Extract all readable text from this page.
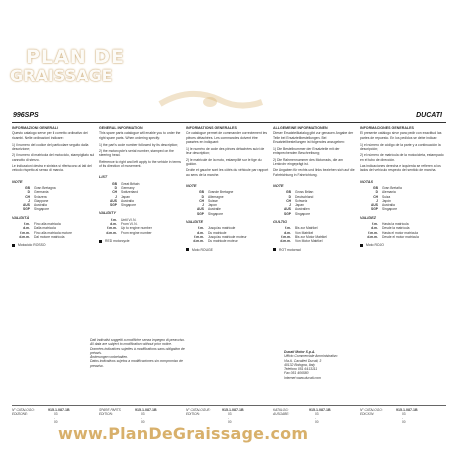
PLAN DE
GRAISSAGE
996SPS	DUCATI
INFORMAZIONI GENERALI
Questo catalogo serve per il corretto ordinativo dei ricambi. Nelle ordinazioni indicare:
1) il numero del codice del particolare seguito dalla descrizione;
2) il numero di matricola del motociclo, stampigliato sul cannotto di sterzo.
Le indicazioni destra e sinistra si riferiscono ai lati del veicolo rispetto al senso di marcia.
NOTE
GB	Gran Bretagna
D	Germania
CH	Svizzera
J	Giappone
AUS	Australia
SGP	Singapore
VALIDITÀ
f.m.	Fino alla matricola
d.m.	Dalla matricola
f.m.m.	Fino alla matricola motore
d.m.m.	Dal motore matricola
Motociclo ROSSO
GENERAL INFORMATION
This spare parts catalogue will enable you to order the right spare parts. When ordering specify:
1) the part's code number followed by its description;
2) the motorcycle's serial number, stamped on the steering head.
Reference to right and left apply to the vehicle in terms of its direction of movement.
LIST
GB	Great Britain
D	Germany
CH	Switzerland
J	Japan
AUS	Australia
SGP	Singapore
VALIDITY
f.m.	Until V.I.N.
d.m.	From V.I.N.
f.m.m.	Up to engine number
d.m.m.	From engine number
RED motorcycle
INFORMATIONS GENERALES
Ce catalogue permet de commander correctement les pièces détachées. Les commandes doivent être passées en indiquant:
1) le numéro de code des pièces détachées suivi de leur description;
2) le matricule de la moto, estampillé sur le tige du guidon.
Droite et gauche sont les côtés du véhicule par rapport au sens de la marche.
NOTE
GB	Grande Bretagne
D	Allemagne
CH	Suisse
J	Japon
AUS	Australie
SGP	Singapore
VALIDITE
f.m.	Jusqu'au matricule
d.m.	Du matricule
f.m.m.	Jusqu'au matricule moteur
d.m.m.	Du matricule moteur
Moto ROUGE
ALLGEMEINE INFORMATIONEN
Dieser Ersatzteilkatalog gibt zur genauen Angabe der Teile bei Ersatzteilbestellungen. Bei Ersatzteilbestellungen ist folgendes anzugeben:
1) Die Bestellnummer der Ersatzteile mit der entsprechenden Beschreibung;
2) Die Rahmennummer des Motorrads, die am Lenkrohr eingeprägt ist.
Die Angaben für rechts und links beziehen sich auf die Fahrtrichtung in Fahrrichtung.
NOTE
GB	Gross Britan
D	Deutschland
CH	Schweiz
J	Japan
AUS	Australien
SGP	Singapore
GULTIG
f.m.	Bis zur Matrikel
d.m.	Von Matrikel
f.m.m.	Bis zur Motor Matrikel
d.m.m.	Von Motor Matrikel
ROT motorrad
INFORMACIONES GENERALES
El presente catálogo sirve para pedir con exactitud las partes de repuesto. En los pedidos se debe indicar:
1) el número de código de la parte y a continuación la descripción;
2) el número de matrícula de la motocicleta, estampado en el tubo de dirección.
Las indicaciones derecha e izquierda se refieren a los lados del vehículo respecto del sentido de marcha.
NOTAS
GB	Gran Bretaña
D	Alemania
CH	Suiza
J	Japón
AUS	Australia
SGP	Singapore
VALIDEZ
f.m.	Hasta la matrícula
d.m.	Desde la matrícula
f.m.m.	Hasta el motor matrícula
d.m.m.	Desde el motor matrícula
Moto ROJO
Dati indicativi soggetti a modifiche senza impegno di preavviso.
All data are subject to modification without prior notice.
Données indicatives sujettes à modifications sans obligation de préavis.
Änderungen vorbehalten.
Datos indicativos sujetos a modificaciones sin compromiso de preaviso.
Ducati Motor S.p.A.
Ufficio Commerciale Amministrativo
Via A. Cavalieri Ducati, 3
40132 Bologna, Italy
Telefono 051 6413111
Fax 051 406580
Internet www.ducati.com
N° CATALOGO:
EDIZIONE:
915.1.087.1B
03 - 00
SPARE PARTS
EDITION:
915.1.087.1B
03 - 00
N° CATALOGUE:
EDITION:
915.1.087.1B
03 - 00
KATALOG:
AUSGABE:
915.1.087.1B
03 - 00
N° CATALOGO:
EDICION:
915.1.087.1B
03 - 00
www.PlanDeGraissage.com
